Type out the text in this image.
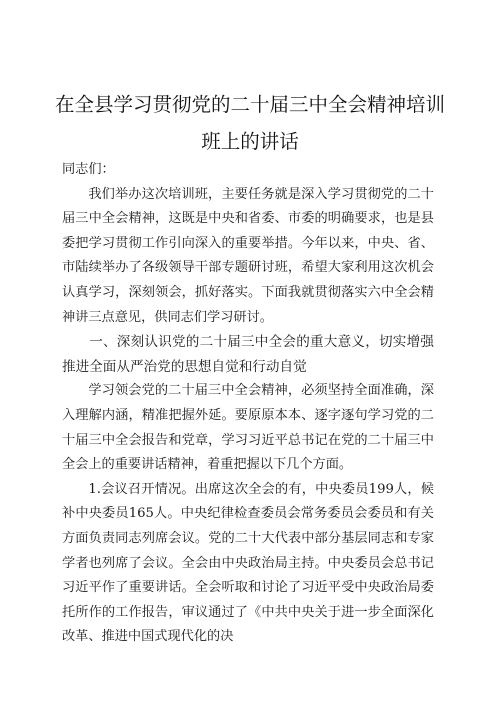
在全县学习贯彻党的二十届三中全会精神培训
班上的讲话

同志们：

我们举办这次培训班，主要任务就是深入学习贯彻党的二十届三中全会精神，这既是中央和省委、市委的明确要求，也是县委把学习贯彻工作引向深入的重要举措。今年以来，中央、省、市陆续举办了各级领导干部专题研讨班，希望大家利用这次机会认真学习，深刻领会，抓好落实。下面我就贯彻落实六中全会精神讲三点意见，供同志们学习研讨。

一、深刻认识党的二十届三中全会的重大意义，切实增强推进全面从严治党的思想自觉和行动自觉

学习领会党的二十届三中全会精神，必须坚持全面准确，深入理解内涵，精准把握外延。要原原本本、逐字逐句学习党的二十届三中全会报告和党章，学习习近平总书记在党的二十届三中全会上的重要讲话精神，着重把握以下几个方面。

1.会议召开情况。出席这次全会的有，中央委员199人，候补中央委员165人。中央纪律检查委员会常务委员会委员和有关方面负责同志列席会议。党的二十大代表中部分基层同志和专家学者也列席了会议。全会由中央政治局主持。中央委员会总书记习近平作了重要讲话。全会听取和讨论了习近平受中央政治局委托所作的工作报告，审议通过了《中共中央关于进一步全面深化改革、推进中国式现代化的决
